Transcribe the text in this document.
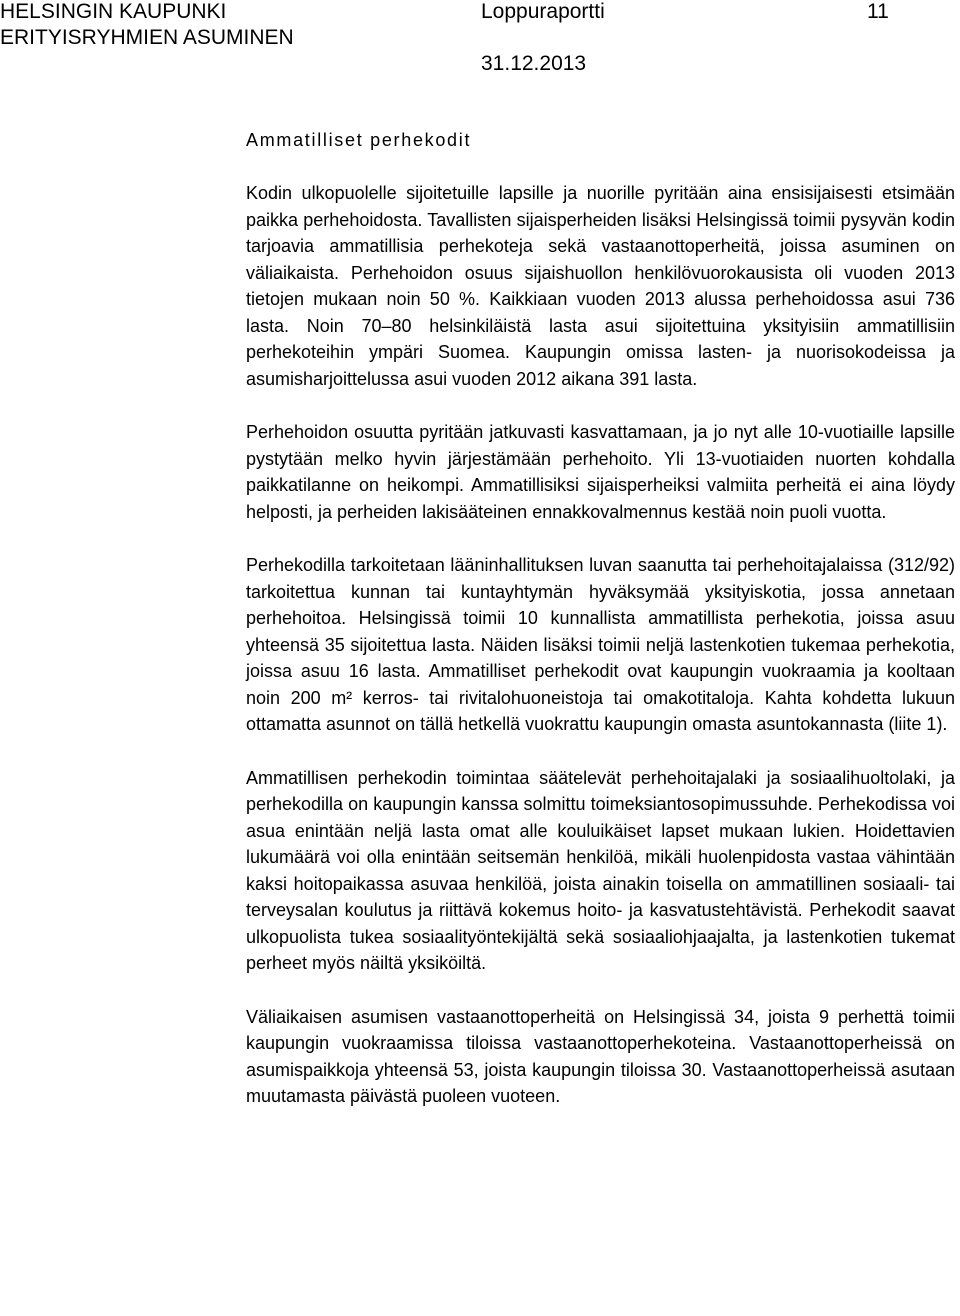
HELSINGIN KAUPUNKI
ERITYISRYHMIEN ASUMINEN
Loppuraportti	11
31.12.2013
Ammatilliset perhekodit

Kodin ulkopuolelle sijoitetuille lapsille ja nuorille pyritään aina ensisijaisesti etsimään paikka perhehoidosta. Tavallisten sijaisperheiden lisäksi Helsingissä toimii pysyvän kodin tarjoavia ammatillisia perhekoteja sekä vastaanottoperheitä, joissa asuminen on väliaikaista. Perhehoidon osuus sijaishuollon henkilövuorokausista oli vuoden 2013 tietojen mukaan noin 50 %. Kaikkiaan vuoden 2013 alussa perhehoidossa asui 736 lasta. Noin 70–80 helsinkiläistä lasta asui sijoitettuina yksityisiin ammatillisiin perhekoteihin ympäri Suomea. Kaupungin omissa lasten- ja nuorisokodeissa ja asumisharjoittelussa asui vuoden 2012 aikana 391 lasta.

Perhehoidon osuutta pyritään jatkuvasti kasvattamaan, ja jo nyt alle 10-vuotiaille lapsille pystytään melko hyvin järjestämään perhehoito. Yli 13-vuotiaiden nuorten kohdalla paikkatilanne on heikompi. Ammatillisiksi sijaisperheiksi valmiita perheitä ei aina löydy helposti, ja perheiden lakisääteinen ennakkovalmennus kestää noin puoli vuotta.

Perhekodilla tarkoitetaan lääninhallituksen luvan saanutta tai perhehoitajalaissa (312/92) tarkoitettua kunnan tai kuntayhtymän hyväksymää yksityiskotia, jossa annetaan perhehoitoa. Helsingissä toimii 10 kunnallista ammatillista perhekotia, joissa asuu yhteensä 35 sijoitettua lasta. Näiden lisäksi toimii neljä lastenkotien tukemaa perhekotia, joissa asuu 16 lasta. Ammatilliset perhekodit ovat kaupungin vuokraamia ja kooltaan noin 200 m² kerros- tai rivitalohuoneistoja tai omakotitaloja. Kahta kohdetta lukuun ottamatta asunnot on tällä hetkellä vuokrattu kaupungin omasta asuntokannasta (liite 1).

Ammatillisen perhekodin toimintaa säätelevät perhehoitajalaki ja sosiaalihuoltolaki, ja perhekodilla on kaupungin kanssa solmittu toimeksiantosopimussuhde. Perhekodissa voi asua enintään neljä lasta omat alle kouluikäiset lapset mukaan lukien. Hoidettavien lukumäärä voi olla enintään seitsemän henkilöä, mikäli huolenpidosta vastaa vähintään kaksi hoitopaikassa asuvaa henkilöä, joista ainakin toisella on ammatillinen sosiaali- tai terveysalan koulutus ja riittävä kokemus hoito- ja kasvatustehtävistä. Perhekodit saavat ulkopuolista tukea sosiaalityöntekijältä sekä sosiaaliohjaajalta, ja lastenkotien tukemat perheet myös näiltä yksiköiltä.

Väliaikaisen asumisen vastaanottoperheitä on Helsingissä 34, joista 9 perhettä toimii kaupungin vuokraamissa tiloissa vastaanottoperhekoteina. Vastaanottoperheissä on asumispaikkoja yhteensä 53, joista kaupungin tiloissa 30. Vastaanottoperheissä asutaan muutamasta päivästä puoleen vuoteen.
